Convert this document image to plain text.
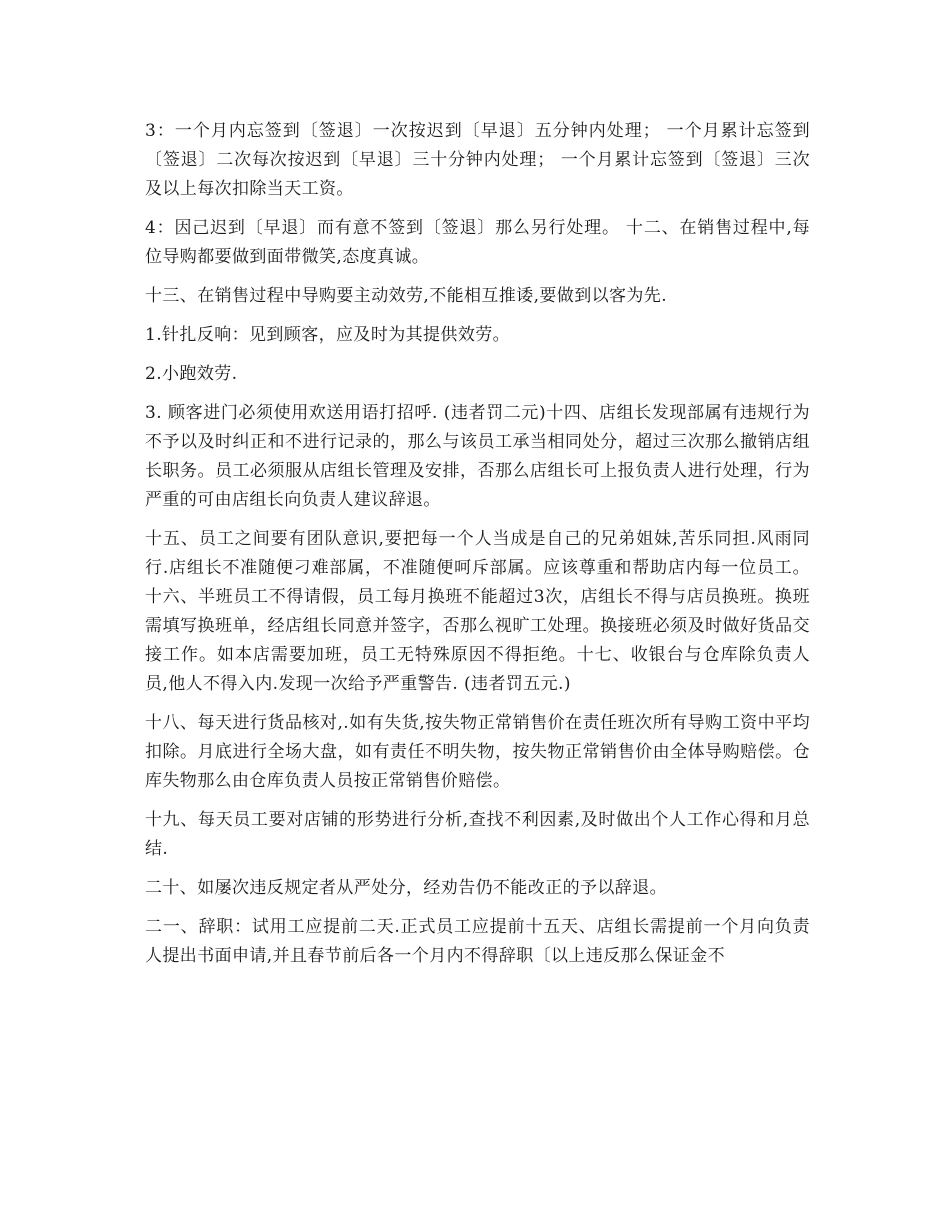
3：一个月内忘签到〔签退〕一次按迟到〔早退〕五分钟内处理； 一个月累计忘签到〔签退〕二次每次按迟到〔早退〕三十分钟内处理； 一个月累计忘签到〔签退〕三次及以上每次扣除当天工资。

4：因己迟到〔早退〕而有意不签到〔签退〕那么另行处理。 十二、在销售过程中,每位导购都要做到面带微笑,态度真诚。

十三、在销售过程中导购要主动效劳,不能相互推诿,要做到以客为先.

1.针扎反响：见到顾客，应及时为其提供效劳。

2.小跑效劳.

3. 顾客进门必须使用欢送用语打招呼. (违者罚二元)十四、店组长发现部属有违规行为不予以及时纠正和不进行记录的，那么与该员工承当相同处分，超过三次那么撤销店组长职务。员工必须服从店组长管理及安排，否那么店组长可上报负责人进行处理，行为严重的可由店组长向负责人建议辞退。

十五、员工之间要有团队意识,要把每一个人当成是自己的兄弟姐妹,苦乐同担.风雨同行.店组长不准随便刁难部属，不准随便呵斥部属。应该尊重和帮助店内每一位员工。十六、半班员工不得请假，员工每月换班不能超过3次，店组长不得与店员换班。换班需填写换班单，经店组长同意并签字，否那么视旷工处理。换接班必须及时做好货品交接工作。如本店需要加班，员工无特殊原因不得拒绝。十七、收银台与仓库除负责人员,他人不得入内.发现一次给予严重警告. (违者罚五元.)

十八、每天进行货品核对,.如有失货,按失物正常销售价在责任班次所有导购工资中平均扣除。月底进行全场大盘，如有责任不明失物，按失物正常销售价由全体导购赔偿。仓库失物那么由仓库负责人员按正常销售价赔偿。

十九、每天员工要对店铺的形势进行分析,查找不利因素,及时做出个人工作心得和月总结.

二十、如屡次违反规定者从严处分，经劝告仍不能改正的予以辞退。

二一、辞职：试用工应提前二天.正式员工应提前十五天、店组长需提前一个月向负责人提出书面申请,并且春节前后各一个月内不得辞职〔以上违反那么保证金不
